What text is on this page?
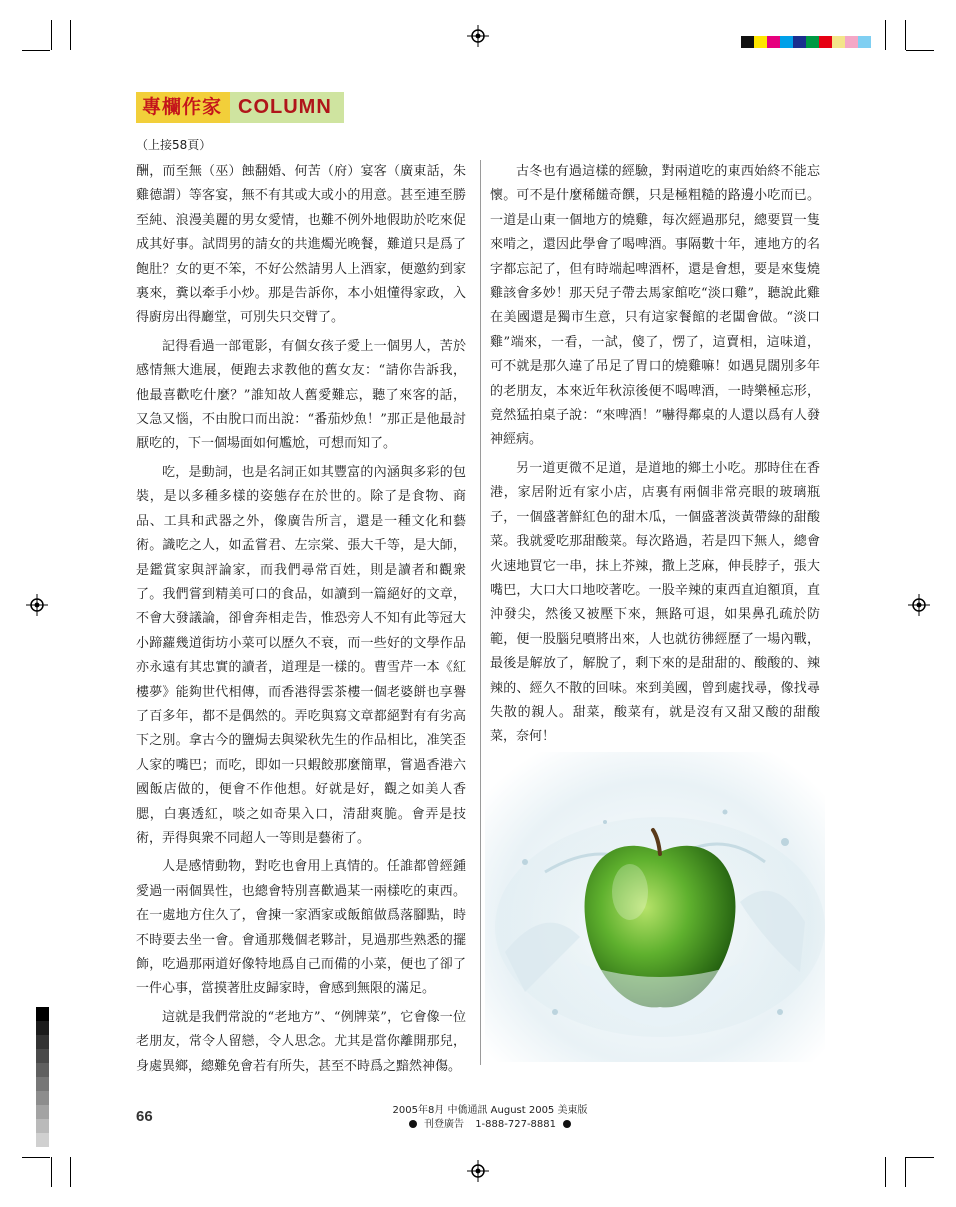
專欄作家 COLUMN
（上接58頁）

酬，而至無（巫）蝕翻婚、何苦（府）宴客（廣東話，朱雞德謂）等客宴，無不有其或大或小的用意。甚至連至勝至純、浪漫美麗的男女愛情，也難不例外地假助於吃來促成其好事。試問男的請女的共進燭光晚餐，難道只是爲了飽肚？女的更不笨，不好公然請男人上酒家，便邀約到家裏來，糞以牽手小炒。那是告訴你，本小姐懂得家政，入得廚房出得廳堂，可別失只交臂了。

記得看過一部電影，有個女孩子愛上一個男人，苦於感情無大進展，便跑去求教他的舊女友：“請你告訴我，他最喜歡吃什麼？”誰知故人舊愛難忘，聽了來客的話，又急又惱，不由脫口而出說：“番茄炒魚！”那正是他最討厭吃的，下一個場面如何尷尬，可想而知了。

吃，是動詞，也是名詞正如其豐富的內涵與多彩的包裝，是以多種多樣的姿態存在於世的。除了是食物、商品、工具和武器之外，像廣告所言，還是一種文化和藝術。識吃之人，如孟嘗君、左宗棠、張大千等，是大師，是鑑賞家與評論家，而我們尋常百姓，則是讀者和觀衆了。我們嘗到精美可口的食品，如讀到一篇絕好的文章，不會大發議論，卻會奔相走告，惟恐旁人不知有此等冠大小蹄蘿幾道街坊小菜可以歷久不衰，而一些好的文學作品亦永遠有其忠實的讀者，道理是一樣的。曹雪芹一本《紅樓夢》能夠世代相傳，而香港得雲茶樓一個老婆餅也享譽了百多年，都不是偶然的。弄吃與寫文章都絕對有有劣高下之別。拿古今的鹽焗去與梁秋先生的作品相比，准笑歪人家的嘴巴；而吃，即如一只蝦餃那麼簡單，嘗過香港六國飯店做的，便會不作他想。好就是好，觀之如美人香腮，白裏透紅，啖之如奇果入口，清甜爽脆。會弄是技術，弄得與衆不同超人一等則是藝術了。

人是感情動物，對吃也會用上真情的。任誰都曾經鍾愛過一兩個異性，也總會特別喜歡過某一兩樣吃的東西。在一處地方住久了，會揀一家酒家或飯館做爲落腳點，時不時要去坐一會。會通那幾個老夥計，見過那些熟悉的擺飾，吃過那兩道好像特地爲自己而備的小菜，便也了卻了一件心事，當摸著肚皮歸家時，會感到無限的滿足。

這就是我們常說的“老地方”、“例牌菜”，它會像一位老朋友，常令人留戀，令人思念。尤其是當你離開那兒，身處異鄉，總難免會若有所失，甚至不時爲之黯然神傷。

古冬也有過這樣的經驗，對兩道吃的東西始終不能忘懷。可不是什麼稀饈奇饌，只是極粗糙的路邊小吃而已。一道是山東一個地方的燒雞，每次經過那兒，總要買一隻來啃之，還因此學會了喝啤酒。事隔數十年，連地方的名字都忘記了，但有時端起啤酒杯，還是會想，要是來隻燒雞該會多妙！那天兒子帶去馬家館吃“淡口雞”，聽說此雞在美國還是獨市生意，只有這家餐館的老闆會做。“淡口雞”端來，一看，一試，傻了，愣了，這賣相，這味道，可不就是那久違了吊足了胃口的燒雞嘛！如遇見闊別多年的老朋友，本來近年秋涼後便不喝啤酒，一時樂極忘形，竟然猛拍桌子說：“來啤酒！”嚇得鄰桌的人還以爲有人發神經病。

另一道更微不足道，是道地的鄉土小吃。那時住在香港，家居附近有家小店，店裏有兩個非常亮眼的玻璃瓶子，一個盛著鮮紅色的甜木瓜，一個盛著淡黃帶綠的甜酸菜。我就愛吃那甜酸菜。每次路過，若是四下無人，總會火速地買它一串，抹上芥辣，撒上芝麻，伸長脖子，張大嘴巴，大口大口地咬著吃。一股辛辣的東西直迫額頂，直沖發尖，然後又被壓下來，無路可退，如果鼻孔疏於防範，便一股腦兒噴將出來，人也就彷彿經歷了一場內戰，最後是解放了，解脫了，剩下來的是甜甜的、酸酸的、辣辣的、經久不散的回味。來到美國，曾到處找尋，像找尋失散的親人。甜菜，酸菜有，就是沒有又甜又酸的甜酸菜，奈何！

66	2005年8月 中僑通訊 August 2005 美東版
刊登廣告 1-888-727-8881
